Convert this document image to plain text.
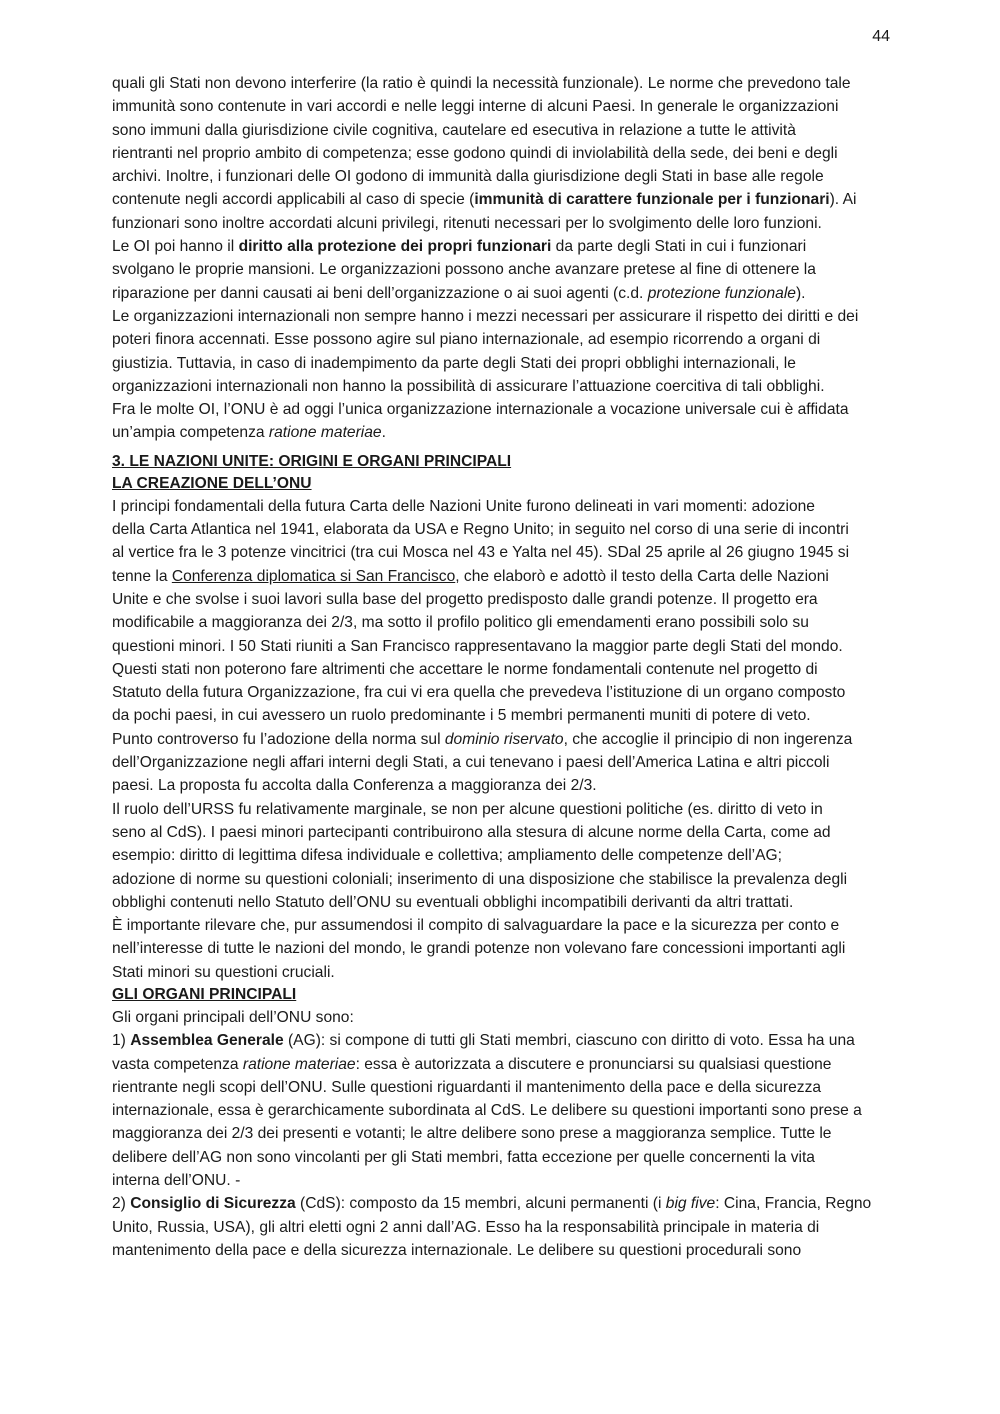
44
quali gli Stati non devono interferire (la ratio è quindi la necessità funzionale). Le norme che prevedono tale
immunità sono contenute in vari accordi e nelle leggi interne di alcuni Paesi. In generale le organizzazioni
sono immuni dalla giurisdizione civile cognitiva, cautelare ed esecutiva in relazione a tutte le attività
rientranti nel proprio ambito di competenza; esse godono quindi di inviolabilità della sede, dei beni e degli
archivi. Inoltre, i funzionari delle OI godono di immunità dalla giurisdizione degli Stati in base alle regole
contenute negli accordi applicabili al caso di specie (immunità di carattere funzionale per i funzionari). Ai
funzionari sono inoltre accordati alcuni privilegi, ritenuti necessari per lo svolgimento delle loro funzioni.
Le OI poi hanno il diritto alla protezione dei propri funzionari da parte degli Stati in cui i funzionari
svolgano le proprie mansioni. Le organizzazioni possono anche avanzare pretese al fine di ottenere la
riparazione per danni causati ai beni dell’organizzazione o ai suoi agenti (c.d. protezione funzionale).
Le organizzazioni internazionali non sempre hanno i mezzi necessari per assicurare il rispetto dei diritti e dei
poteri finora accennati. Esse possono agire sul piano internazionale, ad esempio ricorrendo a organi di
giustizia. Tuttavia, in caso di inadempimento da parte degli Stati dei propri obblighi internazionali, le
organizzazioni internazionali non hanno la possibilità di assicurare l’attuazione coercitiva di tali obblighi.
Fra le molte OI, l’ONU è ad oggi l’unica organizzazione internazionale a vocazione universale cui è affidata
un’ampia competenza ratione materiae.
3. LE NAZIONI UNITE: ORIGINI E ORGANI PRINCIPALI
LA CREAZIONE DELL’ONU
I principi fondamentali della futura Carta delle Nazioni Unite furono delineati in vari momenti: adozione
della Carta Atlantica nel 1941, elaborata da USA e Regno Unito; in seguito nel corso di una serie di incontri
al vertice fra le 3 potenze vincitrici (tra cui Mosca nel 43 e Yalta nel 45). SDal 25 aprile al 26 giugno 1945 si
tenne la Conferenza diplomatica si San Francisco, che elaborò e adottò il testo della Carta delle Nazioni
Unite e che svolse i suoi lavori sulla base del progetto predisposto dalle grandi potenze. Il progetto era
modificabile a maggioranza dei 2/3, ma sotto il profilo politico gli emendamenti erano possibili solo su
questioni minori. I 50 Stati riuniti a San Francisco rappresentavano la maggior parte degli Stati del mondo.
Questi stati non poterono fare altrimenti che accettare le norme fondamentali contenute nel progetto di
Statuto della futura Organizzazione, fra cui vi era quella che prevedeva l’istituzione di un organo composto
da pochi paesi, in cui avessero un ruolo predominante i 5 membri permanenti muniti di potere di veto.
Punto controverso fu l’adozione della norma sul dominio riservato, che accoglie il principio di non ingerenza
dell’Organizzazione negli affari interni degli Stati, a cui tenevano i paesi dell’America Latina e altri piccoli
paesi. La proposta fu accolta dalla Conferenza a maggioranza dei 2/3.
Il ruolo dell’URSS fu relativamente marginale, se non per alcune questioni politiche (es. diritto di veto in
seno al CdS). I paesi minori partecipanti contribuirono alla stesura di alcune norme della Carta, come ad
esempio: diritto di legittima difesa individuale e collettiva; ampliamento delle competenze dell’AG;
adozione di norme su questioni coloniali; inserimento di una disposizione che stabilisce la prevalenza degli
obblighi contenuti nello Statuto dell’ONU su eventuali obblighi incompatibili derivanti da altri trattati.
È importante rilevare che, pur assumendosi il compito di salvaguardare la pace e la sicurezza per conto e
nell’interesse di tutte le nazioni del mondo, le grandi potenze non volevano fare concessioni importanti agli
Stati minori su questioni cruciali.
GLI ORGANI PRINCIPALI
Gli organi principali dell’ONU sono:
1) Assemblea Generale (AG): si compone di tutti gli Stati membri, ciascuno con diritto di voto. Essa ha una
vasta competenza ratione materiae: essa è autorizzata a discutere e pronunciarsi su qualsiasi questione
rientrante negli scopi dell’ONU. Sulle questioni riguardanti il mantenimento della pace e della sicurezza
internazionale, essa è gerarchicamente subordinata al CdS. Le delibere su questioni importanti sono prese a
maggioranza dei 2/3 dei presenti e votanti; le altre delibere sono prese a maggioranza semplice. Tutte le
delibere dell’AG non sono vincolanti per gli Stati membri, fatta eccezione per quelle concernenti la vita
interna dell’ONU. -
2) Consiglio di Sicurezza (CdS): composto da 15 membri, alcuni permanenti (i big five: Cina, Francia, Regno
Unito, Russia, USA), gli altri eletti ogni 2 anni dall’AG. Esso ha la responsabilità principale in materia di
mantenimento della pace e della sicurezza internazionale. Le delibere su questioni procedurali sono
